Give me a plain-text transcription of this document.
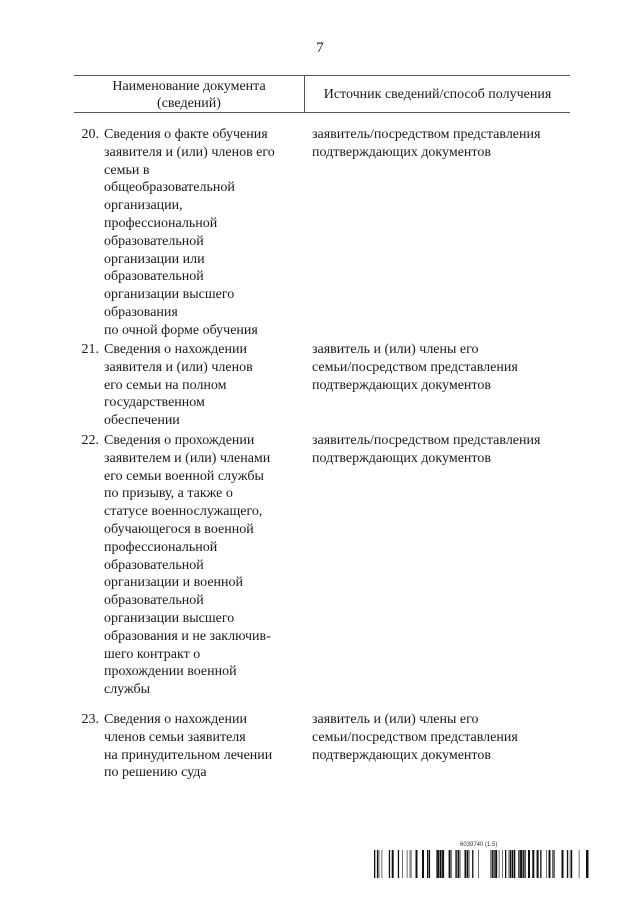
7
Наименование документа
(сведений)
Источник сведений/способ получения
20. Сведения о факте обучения
заявителя и (или) членов его
семьи в
общеобразовательной
организации,
профессиональной
образовательной
организации или
образовательной
организации высшего
образования
по очной форме обучения
заявитель/посредством представления
подтверждающих документов
21. Сведения о нахождении
заявителя и (или) членов
его семьи на полном
государственном
обеспечении
заявитель и (или) члены его
семьи/посредством представления
подтверждающих документов
22. Сведения о прохождении
заявителем и (или) членами
его семьи военной службы
по призыву, а также о
статусе военнослужащего,
обучающегося в военной
профессиональной
образовательной
организации и военной
образовательной
организации высшего
образования и не заключив-
шего контракт о
прохождении военной
службы
заявитель/посредством представления
подтверждающих документов
23. Сведения о нахождении
членов семьи заявителя
на принудительном лечении
по решению суда
заявитель и (или) члены его
семьи/посредством представления
подтверждающих документов
6039740 (1.5)
